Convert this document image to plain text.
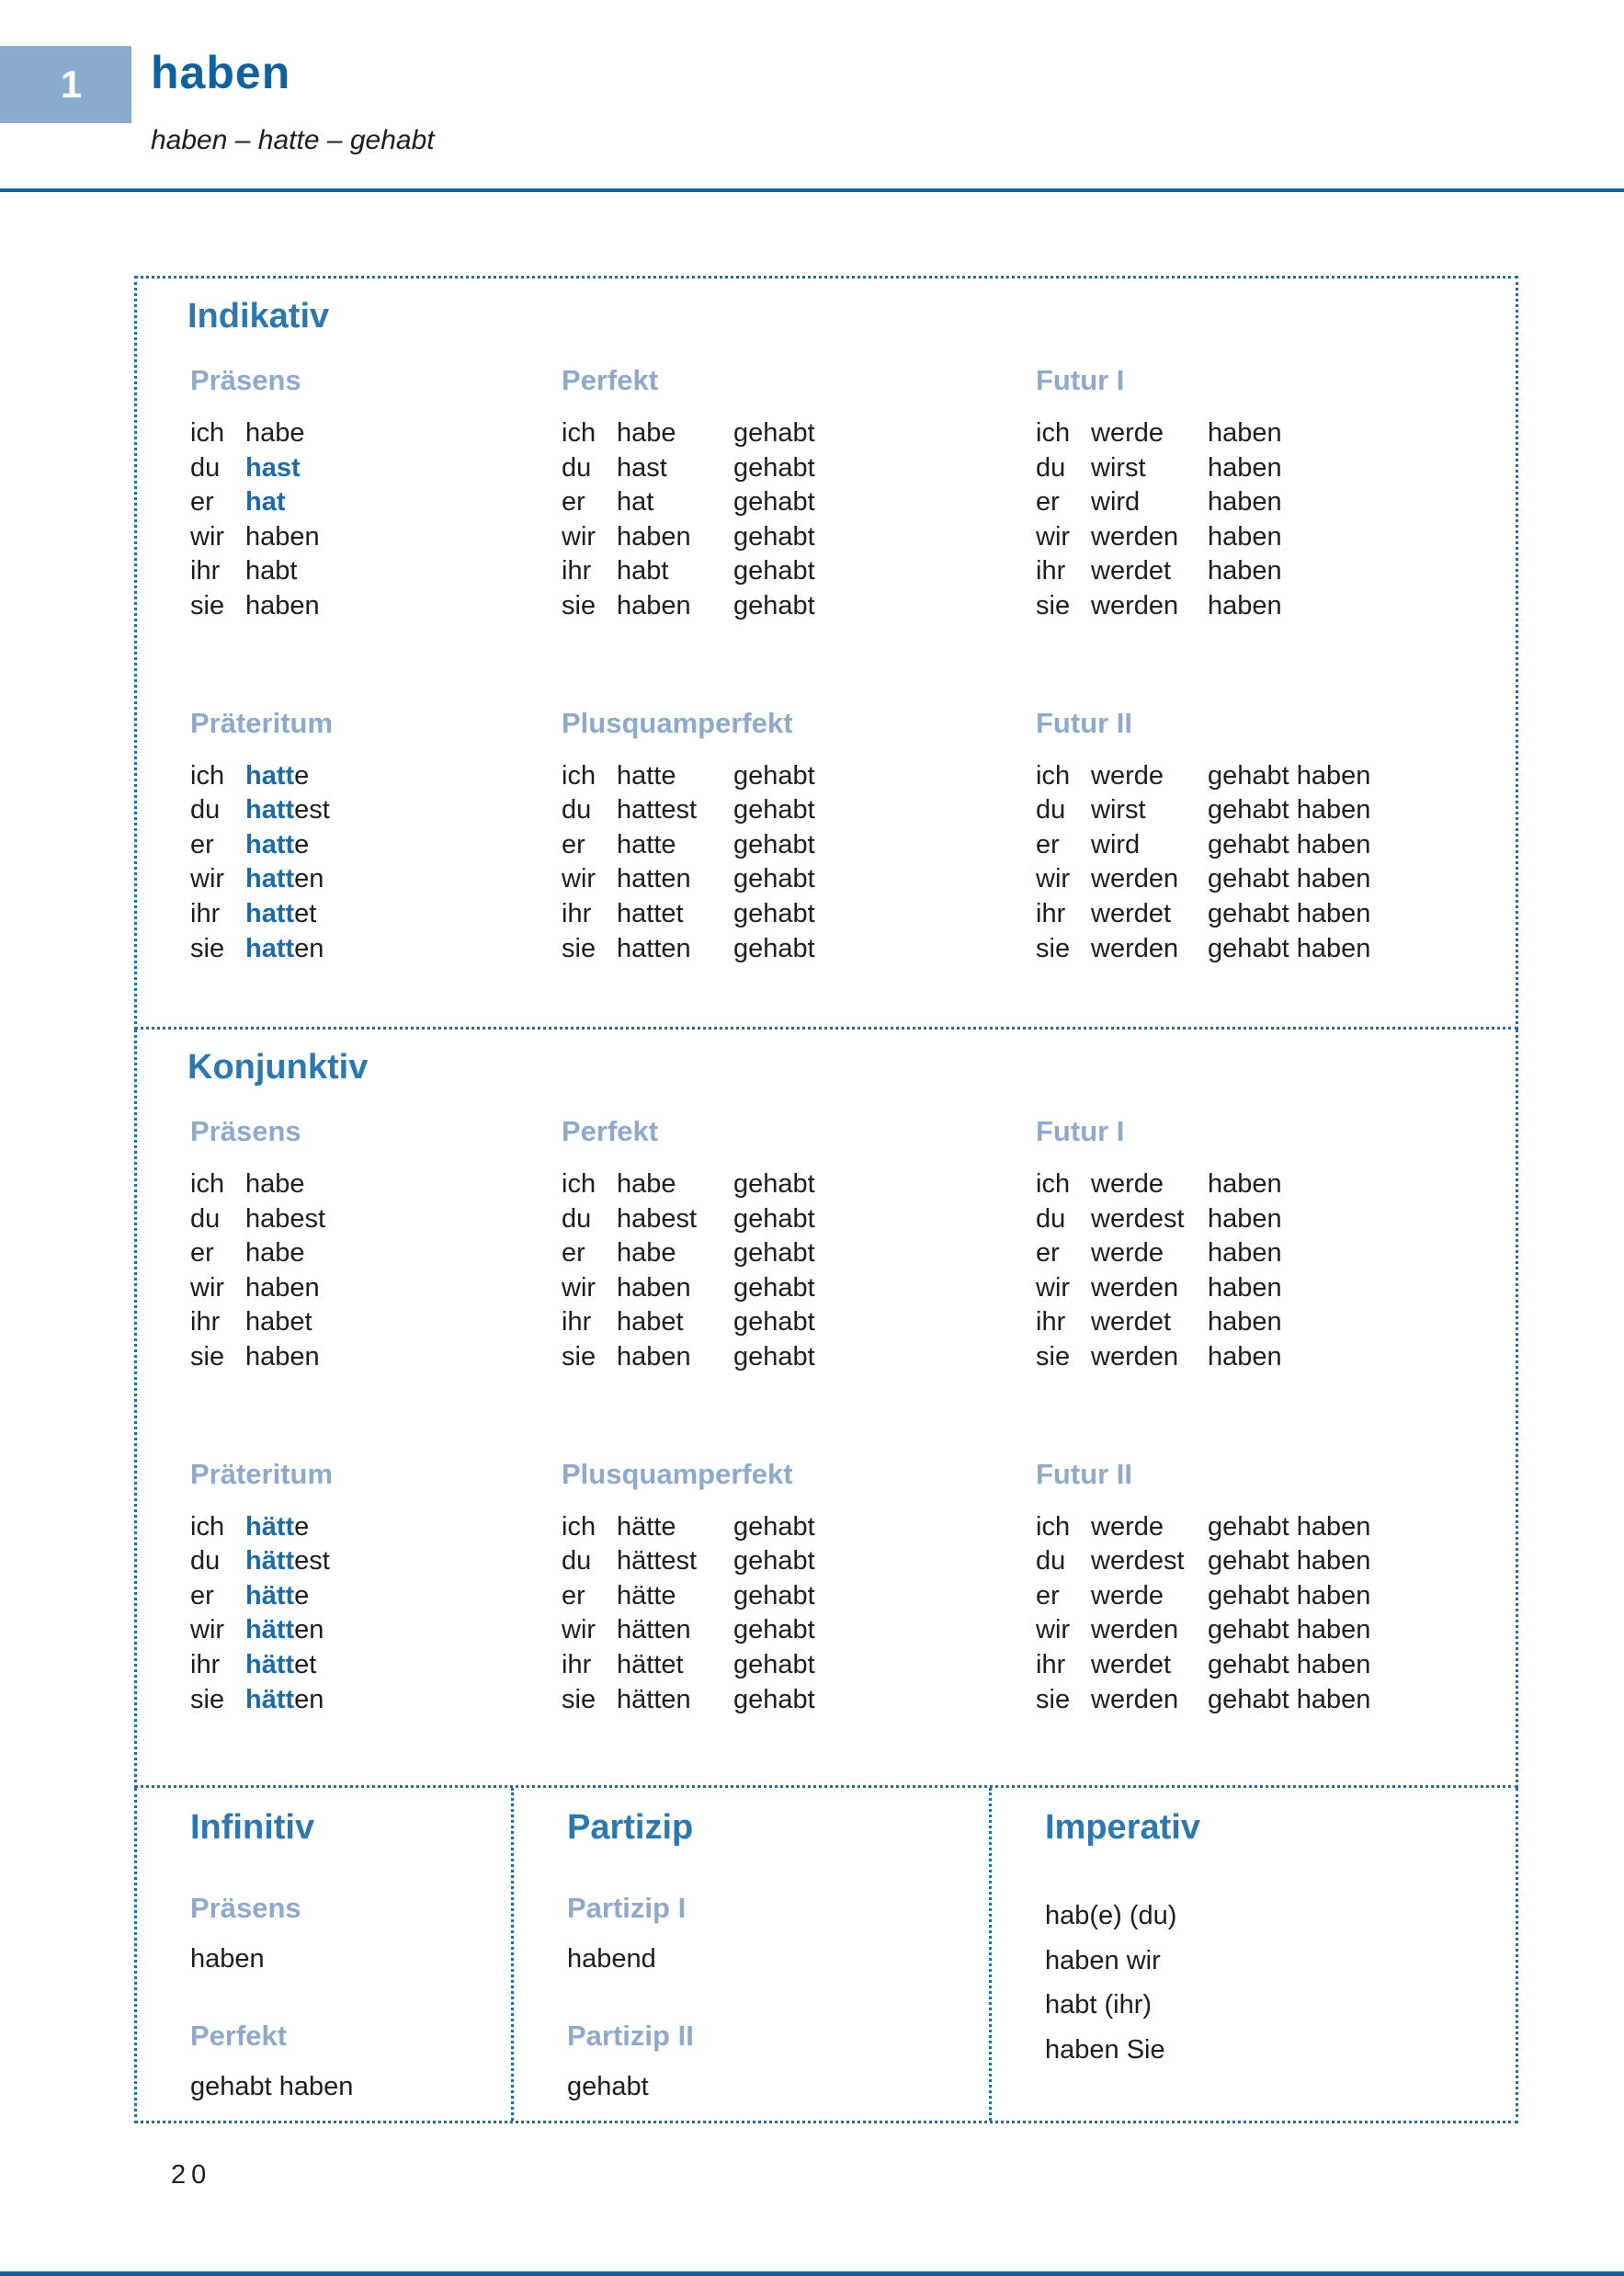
1 haben
haben – hatte – gehabt
Indikativ
Präsens
ich habe
du hast
er	hat
wir haben
ihr habt
sie haben
Perfekt
ich habe	gehabt
du hast	gehabt
er	hat	gehabt
wir haben	gehabt
ihr habt	gehabt
sie haben	gehabt
Futur I
ich werde	haben
du wirst	haben
er	wird	haben
wir werden	haben
ihr werdet	haben
sie werden	haben
Präteritum
ich hatte
du hattest
er	hatte
wir hatten
ihr hattet
sie hatten
Plusquamperfekt
ich hatte	gehabt
du hattest	gehabt
er	hatte	gehabt
wir hatten	gehabt
ihr hattet	gehabt
sie hatten	gehabt
Futur II
ich werde	gehabt haben
du wirst	gehabt haben
er	wird	gehabt haben
wir werden	gehabt haben
ihr werdet	gehabt haben
sie werden	gehabt haben
Konjunktiv
Präsens
ich habe
du habest
er	habe
wir haben
ihr habet
sie haben
Perfekt
ich habe	gehabt
du habest	gehabt
er	habe	gehabt
wir haben	gehabt
ihr habet	gehabt
sie haben	gehabt
Futur I
ich werde	haben
du werdest haben
er	werde	haben
wir werden	haben
ihr werdet	haben
sie werden	haben
Präteritum
ich hätte
du hättest
er	hätte
wir hätten
ihr hättet
sie hätten
Plusquamperfekt
ich hätte	gehabt
du hättest	gehabt
er	hätte	gehabt
wir hätten	gehabt
ihr hättet	gehabt
sie hätten	gehabt
Futur II
ich werde	gehabt haben
du werdest gehabt haben
er	werde	gehabt haben
wir werden	gehabt haben
ihr werdet	gehabt haben
sie werden	gehabt haben
Infinitiv
Präsens
haben
Perfekt
gehabt haben
Partizip
Partizip I
habend
Partizip II
gehabt
Imperativ
hab(e) (du)
haben wir
habt (ihr)
haben Sie
20
